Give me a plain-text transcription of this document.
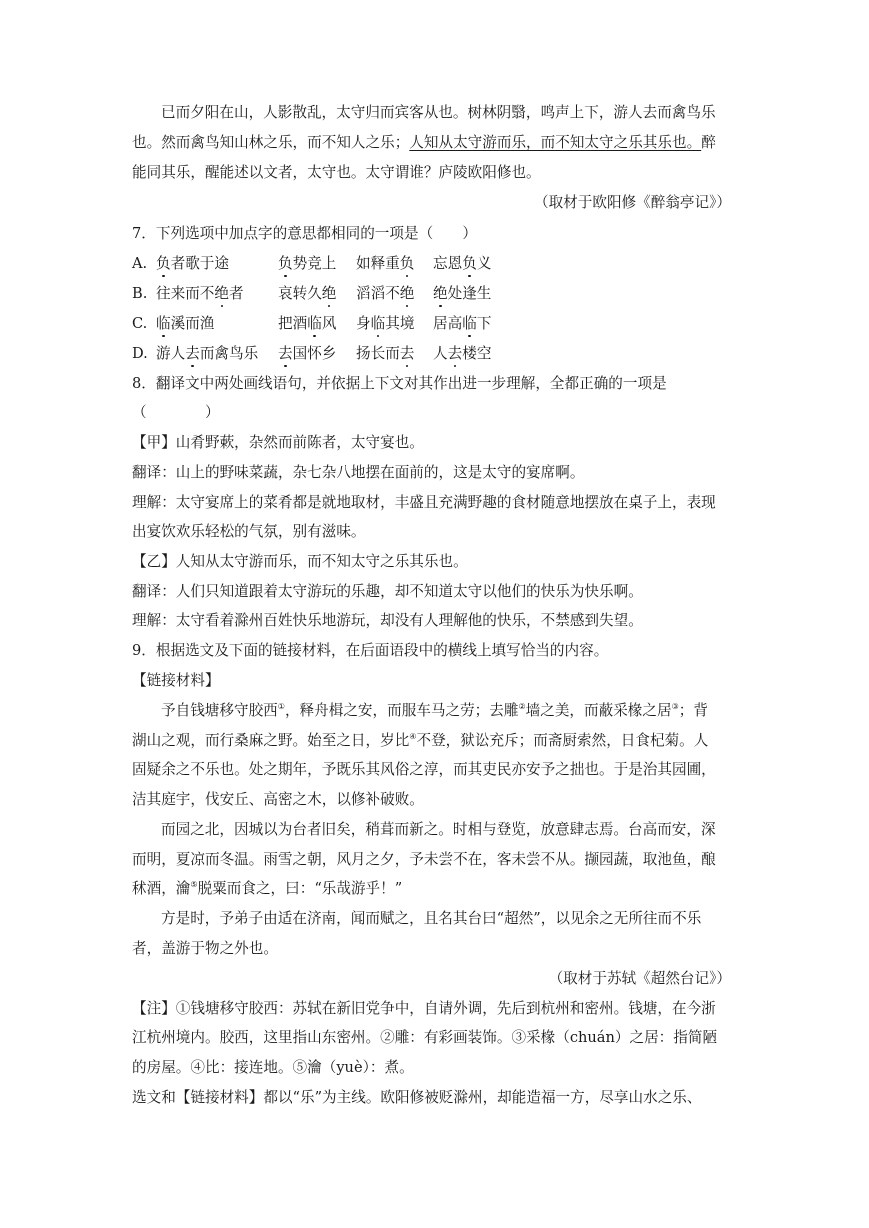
已而夕阳在山，人影散乱，太守归而宾客从也。树林阴翳，鸣声上下，游人去而禽鸟乐
也。然而禽鸟知山林之乐，而不知人之乐；人知从太守游而乐，而不知太守之乐其乐也。醉
能同其乐，醒能述以文者，太守也。太守谓谁？庐陵欧阳修也。
（取材于欧阳修《醉翁亭记》）
7．下列选项中加点字的意思都相同的一项是（　　）
A. 负者歌于途	负势竞上 如释重负 忘恩负义
B. 往来而不绝者 哀转久绝 滔滔不绝 绝处逢生
C. 临溪而渔	把酒临风 身临其境 居高临下
D. 游人去而禽鸟乐 去国怀乡 扬长而去 人去楼空
8．翻译文中两处画线语句，并依据上下文对其作出进一步理解，全都正确的一项是
（　　　　）
【甲】山肴野蔌，杂然而前陈者，太守宴也。
翻译：山上的野味菜蔬，杂七杂八地摆在面前的，这是太守的宴席啊。
理解：太守宴席上的菜肴都是就地取材，丰盛且充满野趣的食材随意地摆放在桌子上，表现
出宴饮欢乐轻松的气氛，别有滋味。
【乙】人知从太守游而乐，而不知太守之乐其乐也。
翻译：人们只知道跟着太守游玩的乐趣，却不知道太守以他们的快乐为快乐啊。
理解：太守看着滁州百姓快乐地游玩，却没有人理解他的快乐，不禁感到失望。
9．根据选文及下面的链接材料，在后面语段中的横线上填写恰当的内容。
【链接材料】
予自钱塘移守胶西①，释舟楫之安，而服车马之劳；去雕②墙之美，而蔽采椽之居③；背
湖山之观，而行桑麻之野。始至之日，岁比④不登，狱讼充斥；而斋厨索然，日食杞菊。人
固疑余之不乐也。处之期年，予既乐其风俗之淳，而其吏民亦安予之拙也。于是治其园圃，
洁其庭宇，伐安丘、高密之木，以修补破败。
而园之北，因城以为台者旧矣，稍葺而新之。时相与登览，放意肆志焉。台高而安，深
而明，夏凉而冬温。雨雪之朝，风月之夕，予未尝不在，客未尝不从。撷园蔬，取池鱼，酿
秫酒，瀹⑤脱粟而食之，曰：“乐哉游乎！”
方是时，予弟子由适在济南，闻而赋之，且名其台曰“超然”，以见余之无所往而不乐
者，盖游于物之外也。
（取材于苏轼《超然台记》）
【注】①钱塘移守胶西：苏轼在新旧党争中，自请外调，先后到杭州和密州。钱塘，在今浙
江杭州境内。胶西，这里指山东密州。②雕：有彩画装饰。③采椽（chuán）之居：指简陋
的房屋。④比：接连地。⑤瀹（yuè）：煮。
选文和【链接材料】都以“乐”为主线。欧阳修被贬滁州，却能造福一方，尽享山水之乐、
